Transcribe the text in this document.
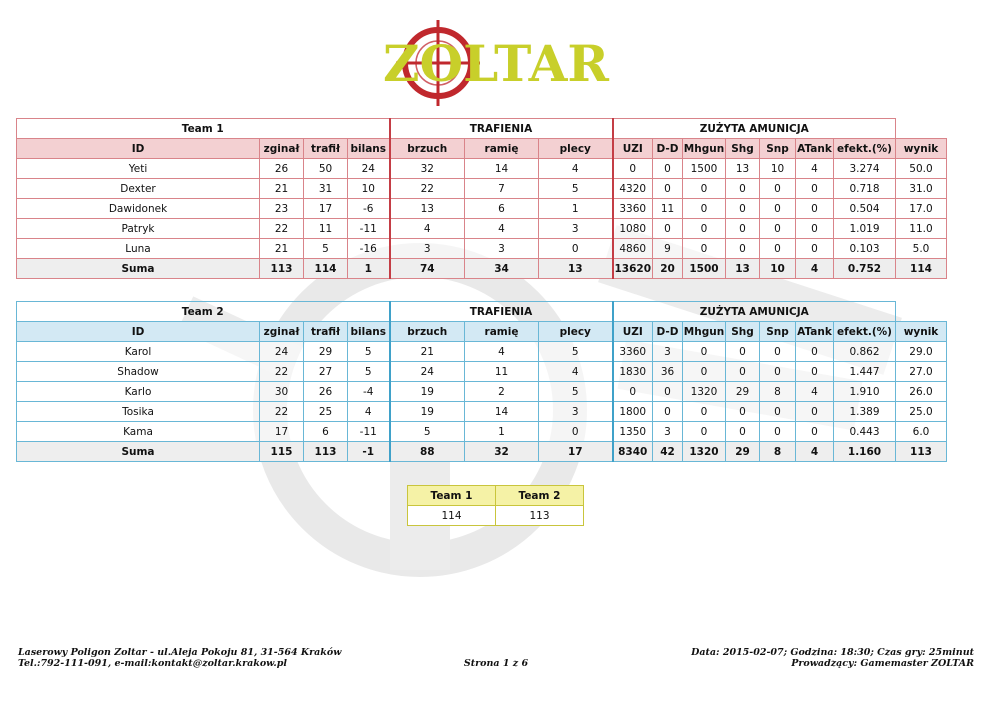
ZOLTAR
Team 1				TRAFIENIA			ZUŻYTA AMUNICJA							
ID	zginał	trafił	bilans	brzuch	ramię	plecy	UZI	D-D	Mhgun	Shg	Snp	ATank	efekt.(%)	wynik
Yeti	26	50	24	32	14	4	0	0	1500	13	10	4	3.274	50.0
Dexter	21	31	10	22	7	5	4320	0	0	0	0	0	0.718	31.0
Dawidonek	23	17	-6	13	6	1	3360	11	0	0	0	0	0.504	17.0
Patryk	22	11	-11	4	4	3	1080	0	0	0	0	0	1.019	11.0
Luna	21	5	-16	3	3	0	4860	9	0	0	0	0	0.103	5.0
Suma	113	114	1	74	34	13	13620	20	1500	13	10	4	0.752	114
Team 2				TRAFIENIA			ZUŻYTA AMUNICJA							
ID	zginał	trafił	bilans	brzuch	ramię	plecy	UZI	D-D	Mhgun	Shg	Snp	ATank	efekt.(%)	wynik
Karol	24	29	5	21	4	5	3360	3	0	0	0	0	0.862	29.0
Shadow	22	27	5	24	11	4	1830	36	0	0	0	0	1.447	27.0
Karlo	30	26	-4	19	2	5	0	0	1320	29	8	4	1.910	26.0
Tosika	22	25	4	19	14	3	1800	0	0	0	0	0	1.389	25.0
Kama	17	6	-11	5	1	0	1350	3	0	0	0	0	0.443	6.0
Suma	115	113	-1	88	32	17	8340	42	1320	29	8	4	1.160	113
Team 1	Team 2
114	113
Laserowy Poligon Zoltar - ul.Aleja Pokoju 81, 31-564 Kraków
Tel.:792-111-091, e-mail:kontakt@zoltar.krakow.pl	Strona 1 z 6
Data: 2015-02-07; Godzina: 18:30; Czas gry: 25minut
Prowadzący: Gamemaster ZOLTAR
